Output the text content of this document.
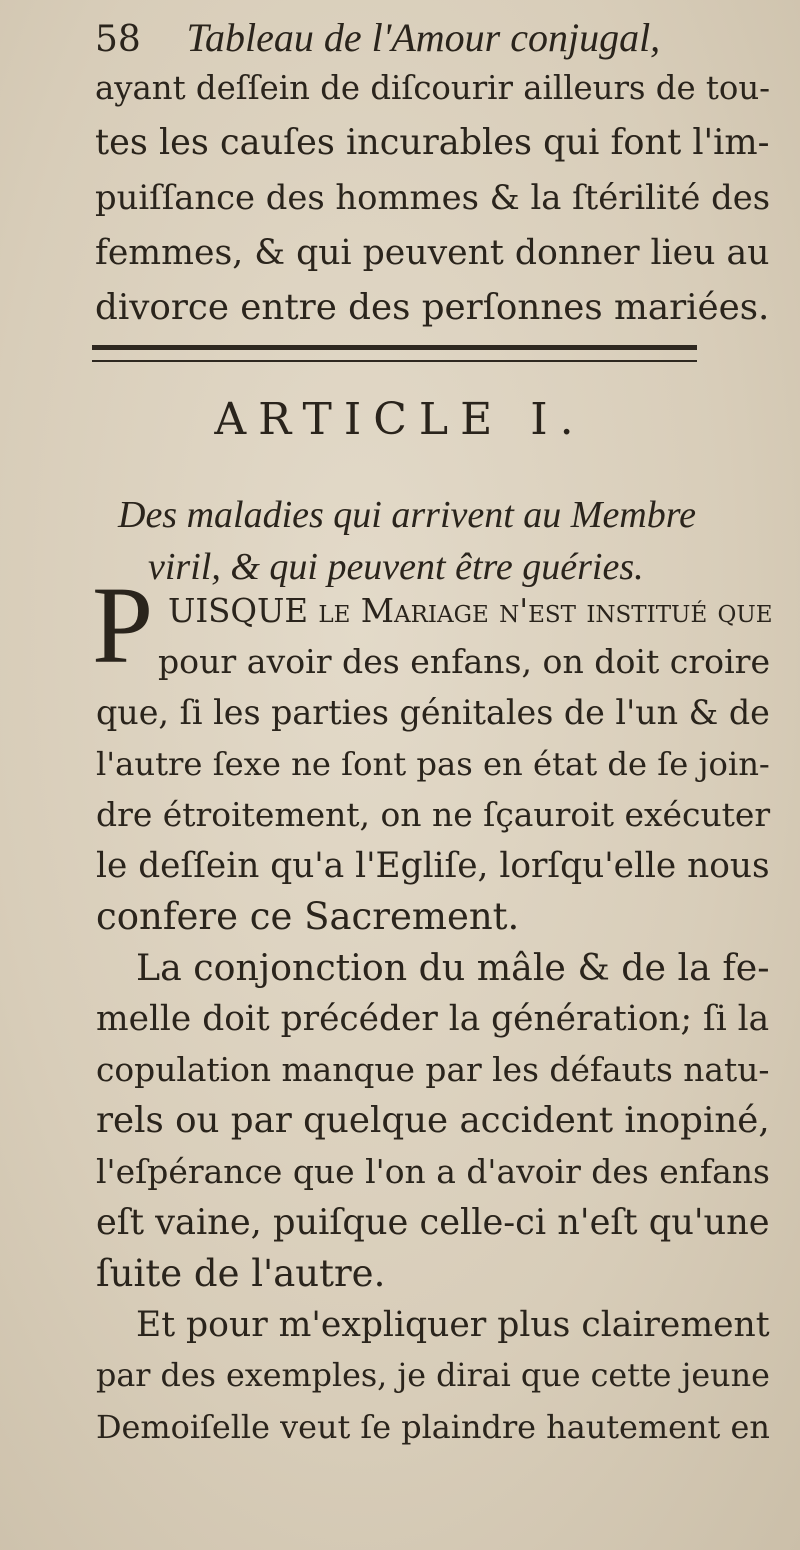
58 Tableau de l'Amour conjugal,
ayant deſſein de diſcourir ailleurs de tou-
tes les cauſes incurables qui font l'im-
puiſſance des hommes & la ſtérilité des
femmes, & qui peuvent donner lieu au
divorce entre des perſonnes mariées.
ARTICLE I.
Des maladies qui arrivent au Membre
viril, & qui peuvent être guéries.
P UISQUE le Mariage n'eſt inſtitué que
pour avoir des enfans, on doit croire
que, ſi les parties génitales de l'un & de
l'autre ſexe ne ſont pas en état de ſe join-
dre étroitement, on ne ſçauroit exécuter
le deſſein qu'a l'Egliſe, lorſqu'elle nous
confere ce Sacrement.
La conjonction du mâle & de la fe-
melle doit précéder la génération; ſi la
copulation manque par les défauts natu-
rels ou par quelque accident inopiné,
l'eſpérance que l'on a d'avoir des enfans
eſt vaine, puiſque celle-ci n'eſt qu'une
ſuite de l'autre.
Et pour m'expliquer plus clairement
par des exemples, je dirai que cette jeune
Demoiſelle veut ſe plaindre hautement en
